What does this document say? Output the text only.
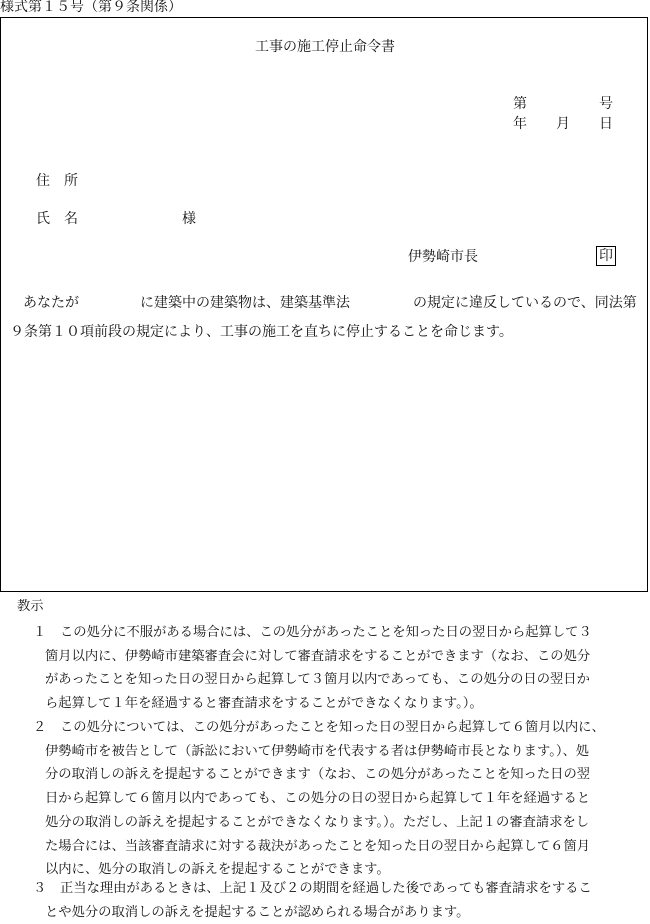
様式第１５号（第９条関係）
工事の施工停止命令書
第	号
年 月 日
住　所
氏　名	様
伊勢崎市長	印
あなたが	に建築中の建築物は、建築基準法	の規定に違反しているので、同法第
９条第１０項前段の規定により、工事の施工を直ちに停止することを命じます。
教示
１ この処分に不服がある場合には、この処分があったことを知った日の翌日から起算して３
箇月以内に、伊勢崎市建築審査会に対して審査請求をすることができます（なお、この処分
があったことを知った日の翌日から起算して３箇月以内であっても、この処分の日の翌日か
ら起算して１年を経過すると審査請求をすることができなくなります。）。
２ この処分については、この処分があったことを知った日の翌日から起算して６箇月以内に、
伊勢崎市を被告として（訴訟において伊勢崎市を代表する者は伊勢崎市長となります。）、処
分の取消しの訴えを提起することができます（なお、この処分があったことを知った日の翌
日から起算して６箇月以内であっても、この処分の日の翌日から起算して１年を経過すると
処分の取消しの訴えを提起することができなくなります。）。ただし、上記１の審査請求をし
た場合には、当該審査請求に対する裁決があったことを知った日の翌日から起算して６箇月
以内に、処分の取消しの訴えを提起することができます。
３ 正当な理由があるときは、上記１及び２の期間を経過した後であっても審査請求をするこ
とや処分の取消しの訴えを提起することが認められる場合があります。
